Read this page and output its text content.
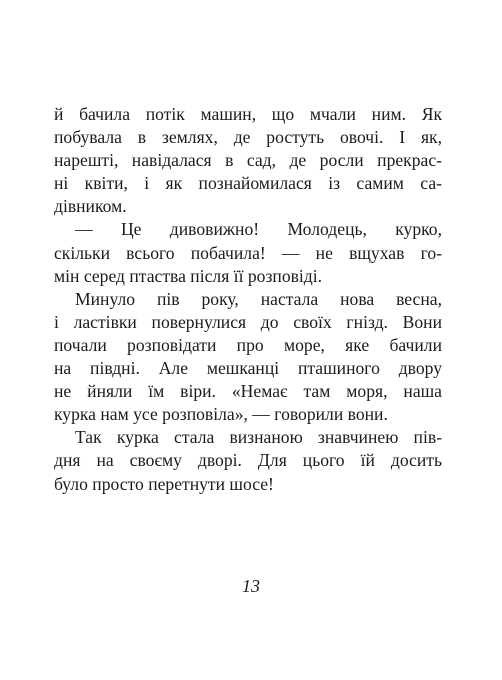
й бачила потік машин, що мчали ним. Як
побувала в землях, де ростуть овочі. І як,
нарешті, навідалася в сад, де росли прекрас-
ні квіти, і як познайомилася із самим са-
дівником.
— Це дивовижно! Молодець, курко,
скільки всього побачила! — не вщухав го-
мін серед птаства після її розповіді.
Минуло пів року, настала нова весна,
і ластівки повернулися до своїх гнізд. Вони
почали розповідати про море, яке бачили
на півдні. Але мешканці пташиного двору
не йняли їм віри. «Немає там моря, наша
курка нам усе розповіла», — говорили вони.
Так курка стала визнаною знавчинею пів-
дня на своєму дворі. Для цього їй досить
було просто перетнути шосе!
13
